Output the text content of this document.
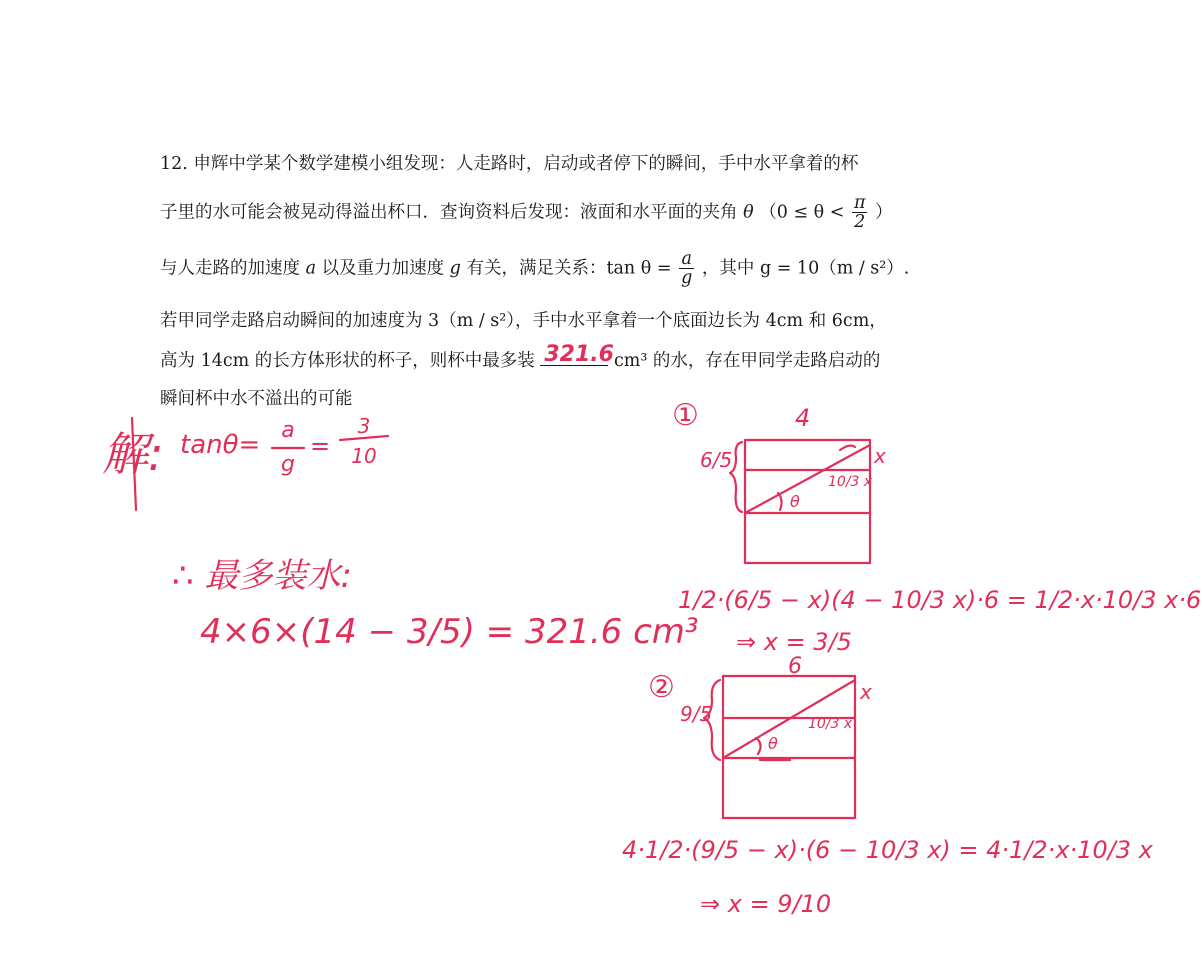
12. 申辉中学某个数学建模小组发现：人走路时，启动或者停下的瞬间，手中水平拿着的杯
子里的水可能会被晃动得溢出杯口．查询资料后发现：液面和水平面的夹角 θ （$0 \le \theta < \frac{\pi}{2}$ ）
与人走路的加速度 a 以及重力加速度 g 有关，满足关系：$\tan \theta = \frac{a}{g}$ ，其中 g = 10（m / s²）.
若甲同学走路启动瞬间的加速度为 3（m / s²），手中水平拿着一个底面边长为 4cm 和 6cm，
高为 14cm 的长方体形状的杯子，则杯中最多装 321.6 cm³ 的水，存在甲同学走路启动的
瞬间杯中水不溢出的可能
解: tanθ= a
g
=
3
10
∴ 最多装水:
4×6×(14 − 3/5) = 321.6 cm³
①	4
6/5
10/3 x
x
θ
1/2·(6/5 − x)(4 − 10/3 x)·6 = 1/2·x·10/3 x·6
⇒ x = 3/5
②
6
9/5	10/3 x
x
θ
4·1/2·(9/5 − x)·(6 − 10/3 x) = 4·1/2·x·10/3 x
⇒ x = 9/10
